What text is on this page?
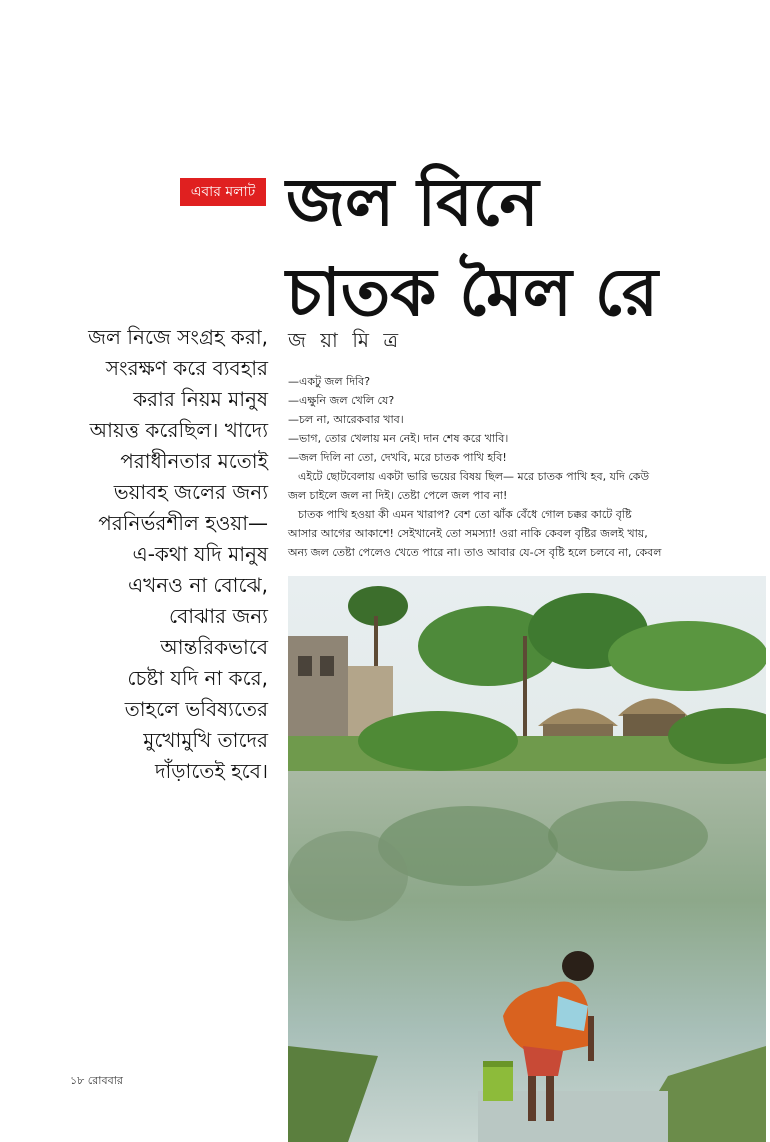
এবার মলাট জল বিনে
চাতক মৈল রে
জল নিজে সংগ্রহ করা,
সংরক্ষণ করে ব্যবহার
করার নিয়ম মানুষ
আয়ত্ত করেছিল। খাদ্যে
পরাধীনতার মতোই
ভয়াবহ জলের জন্য
পরনির্ভরশীল হওয়া—
এ-কথা যদি মানুষ
এখনও না বোঝে,
বোঝার জন্য
আন্তরিকভাবে
চেষ্টা যদি না করে,
তাহলে ভবিষ্যতের
মুখোমুখি তাদের
দাঁড়াতেই হবে।
জ য়া মি ত্র
—একটু জল দিবি?
—এক্ষুনি জল খেলি যে?
—চল না, আরেকবার খাব।
—ভাগ, তোর খেলায় মন নেই। দান শেষ করে খাবি।
—জল দিলি না তো, দেখবি, মরে চাতক পাখি হবি!
এইটে ছোটবেলায় একটা ভারি ভয়ের বিষয় ছিল— মরে চাতক পাখি হব, যদি কেউ
জল চাইলে জল না দিই। তেষ্টা পেলে জল পাব না!
চাতক পাখি হওয়া কী এমন খারাপ? বেশ তো ঝাঁক বেঁধে গোল চক্কর কাটে বৃষ্টি
আসার আগের আকাশে! সেইখানেই তো সমস্যা! ওরা নাকি কেবল বৃষ্টির জলই খায়,
অন্য জল তেষ্টা পেলেও খেতে পারে না। তাও আবার যে-সে বৃষ্টি হলে চলবে না, কেবল
১৮ রোববার
